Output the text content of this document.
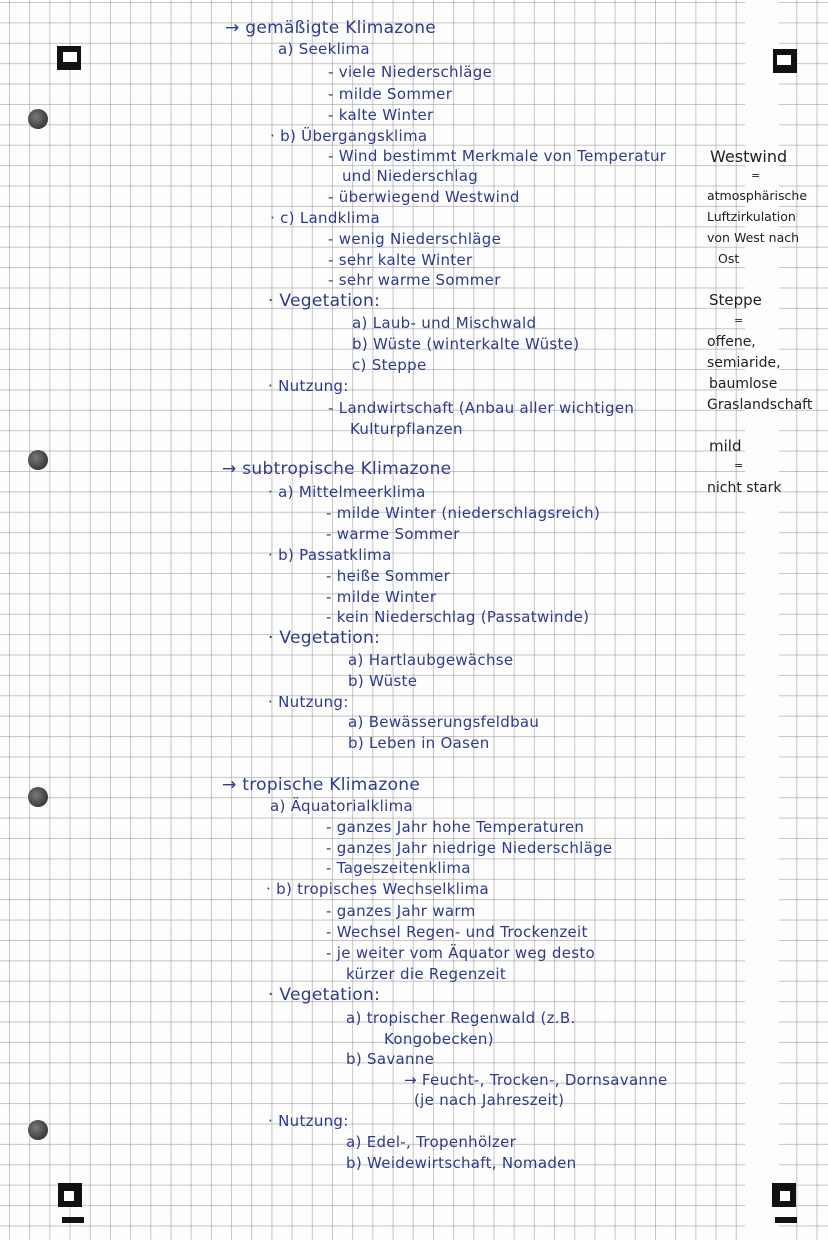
→ gemäßigte Klimazone
a) Seeklima
- viele Niederschläge
- milde Sommer
- kalte Winter
· b) Übergangsklima
- Wind bestimmt Merkmale von Temperatur
und Niederschlag
- überwiegend Westwind
· c) Landklima
- wenig Niederschläge
- sehr kalte Winter
- sehr warme Sommer
· Vegetation:
a) Laub- und Mischwald
b) Wüste (winterkalte Wüste)
c) Steppe
· Nutzung:
- Landwirtschaft (Anbau aller wichtigen
Kulturpflanzen
→ subtropische Klimazone
· a) Mittelmeerklima
- milde Winter (niederschlagsreich)
- warme Sommer
· b) Passatklima
- heiße Sommer
- milde Winter
- kein Niederschlag (Passatwinde)
· Vegetation:
a) Hartlaubgewächse
b) Wüste
· Nutzung:
a) Bewässerungsfeldbau
b) Leben in Oasen
→ tropische Klimazone
a) Äquatorialklima
- ganzes Jahr hohe Temperaturen
- ganzes Jahr niedrige Niederschläge
- Tageszeitenklima
· b) tropisches Wechselklima
- ganzes Jahr warm
- Wechsel Regen- und Trockenzeit
- je weiter vom Äquator weg desto
kürzer die Regenzeit
· Vegetation:
a) tropischer Regenwald (z.B.
Kongobecken)
b) Savanne
→ Feucht-, Trocken-, Dornsavanne
(je nach Jahreszeit)
· Nutzung:
a) Edel-, Tropenhölzer
b) Weidewirtschaft, Nomaden
Westwind
=
atmosphärische
Luftzirkulation
von West nach
Ost
Steppe
=
offene,
semiaride,
baumlose
Graslandschaft
mild
=
nicht stark
